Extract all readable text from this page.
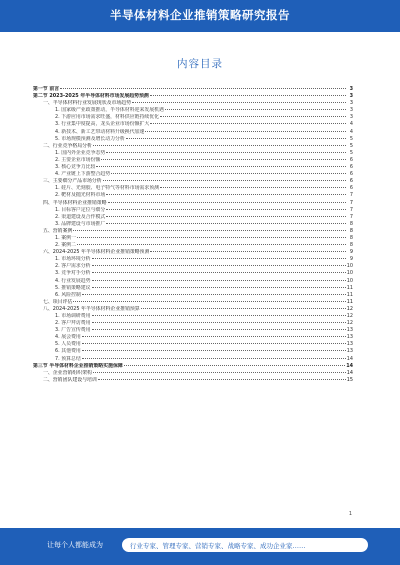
半导体材料企业推销策略研究报告
内容目录
第一节 前言	3
第二节 2023-2025 年半导体材料市场发展趋势预测	3
一、半导体材料行业发展现状及市场趋势	3
1. 国家级产业政策推动，半导体材料迎来发展机遇	3
2. 下游应用市场需求旺盛，材料供应链持续优化	3
3. 行业集中度提高，龙头企业市场份额扩大	4
4. 新技术、新工艺带动材料升级换代加速	4
5. 市场规模预测及增长动力分析	5
二、行业竞争格局分析	5
1. 国内外企业竞争态势	5
2. 主要企业市场份额	6
3. 核心竞争力比较	6
4. 产业链上下游整合趋势	6
三、主要细分产品市场分析	6
1. 硅片、光刻胶、电子特气等材料市场需求预测	6
2. 靶材及抛光材料市场	7
四、半导体材料企业推销策略	7
1. 目标客户定位与细分	7
2. 渠道建设及合作模式	7
3. 品牌建设与市场推广	8
五、营销案例	8
1. 案例一	8
2. 案例二	8
六、2024-2025 年半导体材料企业推销策略预测	9
1. 市场环境分析	9
2. 客户需求分析	10
3. 竞争对手分析	10
4. 行业发展趋势	10
5. 推销策略建议	11
6. 风险控制	11
七、项目评估	11
八、2024-2025 年半导体材料企业推销预算	12
1. 市场调研费用	12
2. 客户拜访费用	12
3. 广告宣传费用	13
4. 展会费用	13
5. 人员费用	13
6. 其他费用	13
7. 预算总结	14
第三节 半导体材料企业推销策略实施保障	14
一、企业营销组织架构	14
二、营销团队建设与培训	15
1
让每个人都能成为	行业专家、管理专家、营销专家、战略专家、成功企业家……
